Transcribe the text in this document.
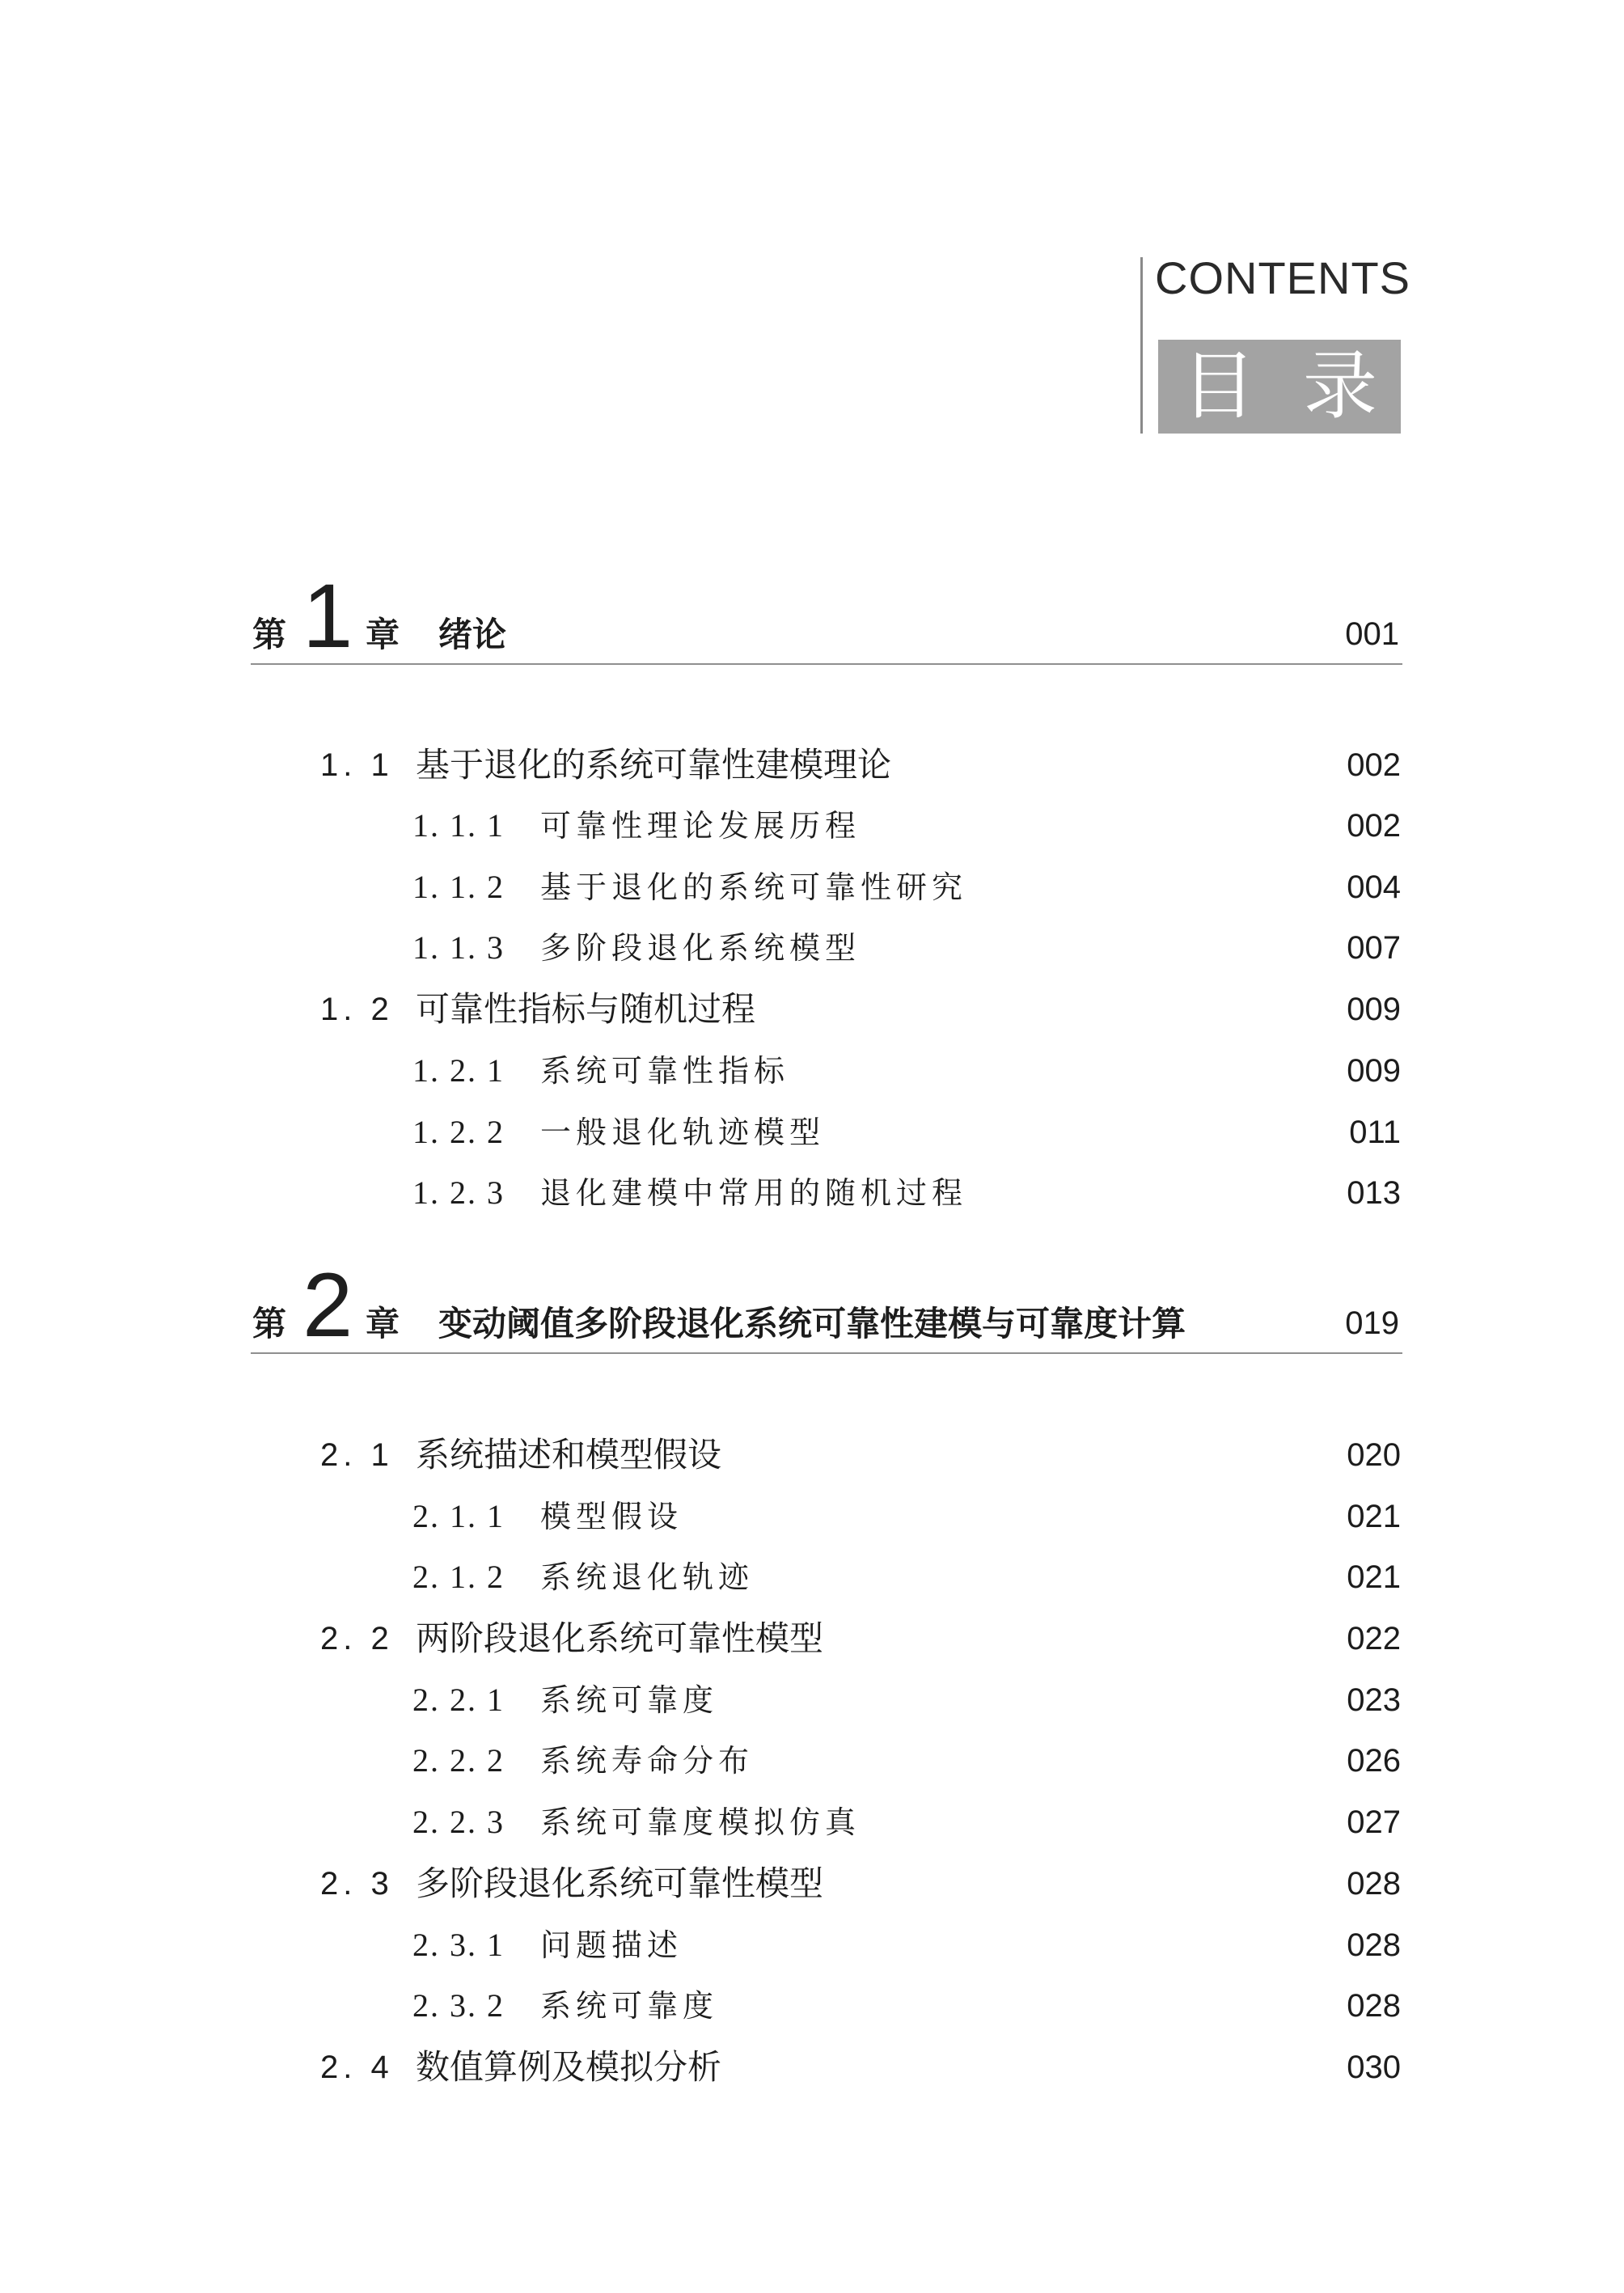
CONTENTS
目 录
第 1 章 绪论	001
1. 1 基于退化的系统可靠性建模理论	002
1. 1. 1 可靠性理论发展历程	002
1. 1. 2 基于退化的系统可靠性研究	004
1. 1. 3 多阶段退化系统模型	007
1. 2 可靠性指标与随机过程	009
1. 2. 1 系统可靠性指标	009
1. 2. 2 一般退化轨迹模型	011
1. 2. 3 退化建模中常用的随机过程	013
第 2 章 变动阈值多阶段退化系统可靠性建模与可靠度计算	019
2. 1 系统描述和模型假设	020
2. 1. 1 模型假设	021
2. 1. 2 系统退化轨迹	021
2. 2 两阶段退化系统可靠性模型	022
2. 2. 1 系统可靠度	023
2. 2. 2 系统寿命分布	026
2. 2. 3 系统可靠度模拟仿真	027
2. 3 多阶段退化系统可靠性模型	028
2. 3. 1 问题描述	028
2. 3. 2 系统可靠度	028
2. 4 数值算例及模拟分析	030
